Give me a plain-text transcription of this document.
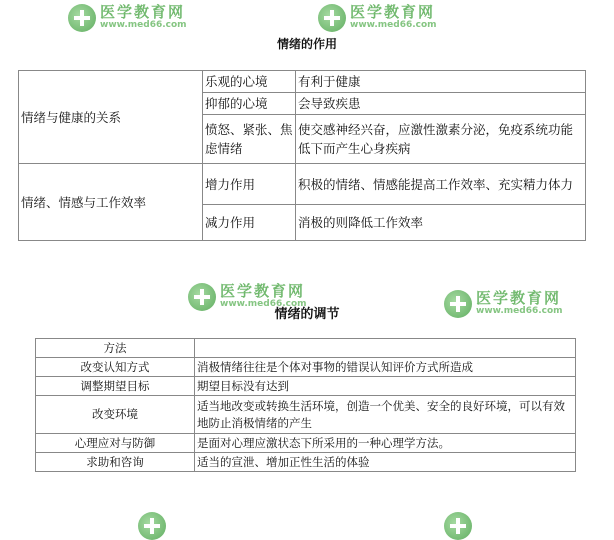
医学教育网
www.med66.com
医学教育网
www.med66.com
医学教育网
www.med66.com	医学教育网
www.med66.com
情绪的作用
情绪与健康的关系	乐观的心境	有利于健康
	抑郁的心境	会导致疾患
	愤怒、紧张、焦虑情绪	使交感神经兴奋，应激性激素分泌，免疫系统功能低下而产生心身疾病
情绪、情感与工作效率	增力作用	积极的情绪、情感能提高工作效率、充实精力体力
	减力作用	消极的则降低工作效率
情绪的调节
方法	
改变认知方式	消极情绪往往是个体对事物的错误认知评价方式所造成
调整期望目标	期望目标没有达到
改变环境	适当地改变或转换生活环境，创造一个优美、安全的良好环境，可以有效地防止消极情绪的产生
心理应对与防御	是面对心理应激状态下所采用的一种心理学方法。
求助和咨询	适当的宣泄、增加正性生活的体验
